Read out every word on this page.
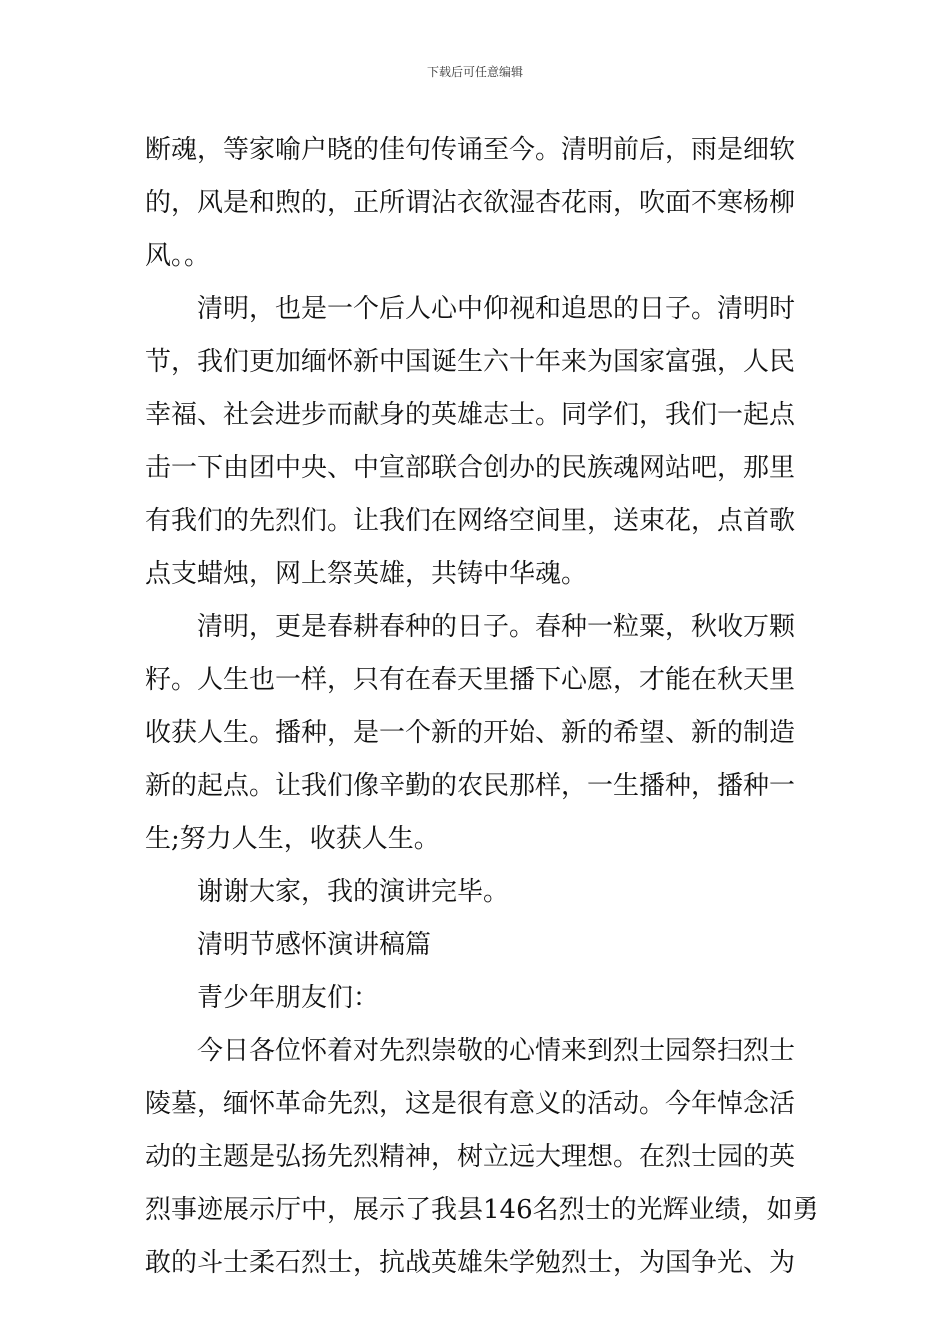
下载后可任意编辑
断魂，等家喻户晓的佳句传诵至今。清明前后，雨是细软
的，风是和煦的，正所谓沾衣欲湿杏花雨，吹面不寒杨柳
风。。
清明，也是一个后人心中仰视和追思的日子。清明时
节，我们更加缅怀新中国诞生六十年来为国家富强，人民
幸福、社会进步而献身的英雄志士。同学们，我们一起点
击一下由团中央、中宣部联合创办的民族魂网站吧，那里
有我们的先烈们。让我们在网络空间里，送束花，点首歌
点支蜡烛，网上祭英雄，共铸中华魂。
清明，更是春耕春种的日子。春种一粒粟，秋收万颗
籽。人生也一样，只有在春天里播下心愿，才能在秋天里
收获人生。播种，是一个新的开始、新的希望、新的制造
新的起点。让我们像辛勤的农民那样，一生播种，播种一
生;努力人生，收获人生。
谢谢大家，我的演讲完毕。
清明节感怀演讲稿篇
青少年朋友们：
今日各位怀着对先烈崇敬的心情来到烈士园祭扫烈士
陵墓，缅怀革命先烈，这是很有意义的活动。今年悼念活
动的主题是弘扬先烈精神，树立远大理想。在烈士园的英
烈事迹展示厅中，展示了我县146名烈士的光辉业绩，如勇
敢的斗士柔石烈士，抗战英雄朱学勉烈士，为国争光、为
